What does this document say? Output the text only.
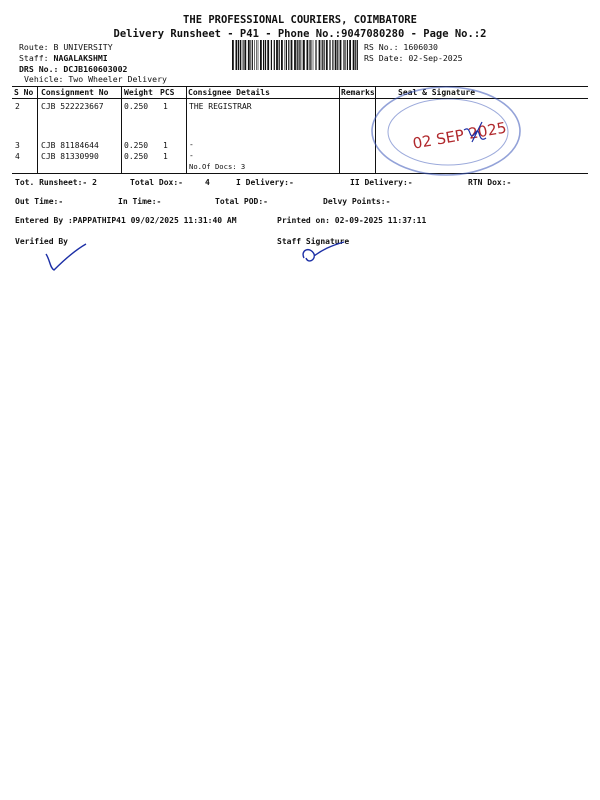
THE PROFESSIONAL COURIERS, COIMBATORE
Delivery Runsheet - P41 - Phone No.:9047080280 - Page No.:2
Route: B UNIVERSITY
Staff: NAGALAKSHMI
DRS No.: DCJB160603002
Vehicle: Two Wheeler Delivery
RS No.: 1606030
RS Date: 02-Sep-2025
S No Consignment No Weight PCS Consignee Details	Remarks	Seal & Signature
2	CJB 522223667	0.250 1	THE REGISTRAR
3	CJB 81184644	0.250 1	-
4	CJB 81330990	0.250 1	-
No.Of Docs: 3
02 SEP 2025
Tot. Runsheet:- 2	Total Dox:-	4	I Delivery:-	II Delivery:-	RTN Dox:-
Out Time:-	In Time:-	Total POD:-	Delvy Points:-
Entered By :PAPPATHIP41 09/02/2025 11:31:40 AM	Printed on: 02-09-2025 11:37:11
Verified By	Staff Signature
